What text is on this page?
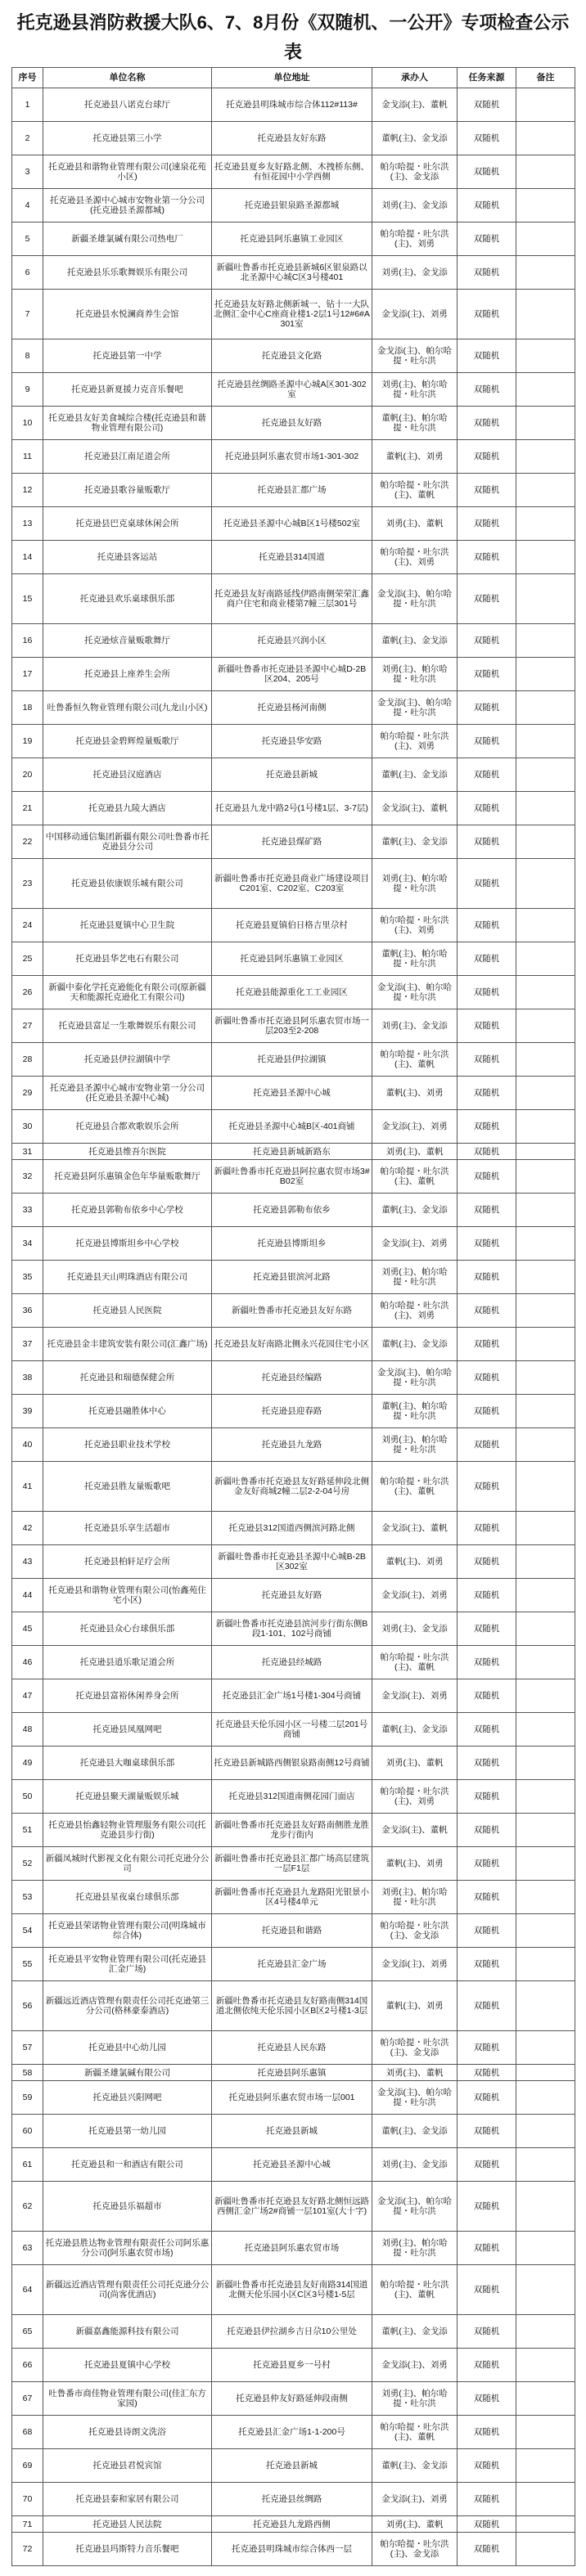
托克逊县消防救援大队6、7、8月份《双随机、一公开》专项检查公示表
序号	单位名称	单位地址	承办人	任务来源	备注
1	托克逊县八诺克台球厅	托克逊县明珠城市综合体112#113#	金戈添(主)、董帆	双随机	
2	托克逊县第三小学	托克逊县友好东路	董帆(主)、金戈添	双随机	
3	托克逊县和谐物业管理有限公司(速泉花苑小区)	托克逊县夏乡友好路北侧、木拽桥东侧、有恒花园中小学西侧	帕尔哈提・吐尔洪(主)、金戈添	双随机	
4	托克逊县圣源中心城市安物业第一分公司(托克逊县圣源都城)	托克逊县银泉路圣源都城	刘勇(主)、金戈添	双随机	
5	新疆圣雄氯碱有限公司热电厂	托克逊县阿乐惠镇工业园区	帕尔哈提・吐尔洪(主)、刘勇	双随机	
6	托克逊县乐乐歌舞娱乐有限公司	新疆吐鲁番市托克逊县新城6区银泉路以北圣源中心城C区3号楼401	刘勇(主)、金戈添	双随机	
7	托克逊县水悦澜商养生会馆	托克逊县友好路北侧新城一、钻十一大队北侧汇金中心C座商业楼1-2层1号12#6#A301室	金戈添(主)、刘勇	双随机	
8	托克逊县第一中学	托克逊县文化路	金戈添(主)、帕尔哈提・吐尔洪	双随机	
9	托克逊县新夏援力克音乐餐吧	托克逊县丝绸路圣源中心城A区301-302室	刘勇(主)、帕尔哈提・吐尔洪	双随机	
10	托克逊县友好美食城综合楼(托克逊县和谐物业管理有限公司)	托克逊县友好路	董帆(主)、帕尔哈提・吐尔洪	双随机	
11	托克逊县江南足道会所	托克逊县阿乐惠农贸市场1-301-302	董帆(主)、刘勇	双随机	
12	托克逊县歌谷量贩歌厅	托克逊县汇都广场	帕尔哈提・吐尔洪(主)、董帆	双随机	
13	托克逊县巴克桌球休闲会所	托克逊县圣源中心城B区1号楼502室	刘勇(主)、董帆	双随机	
14	托克逊县客运站	托克逊县314国道	帕尔哈提・吐尔洪(主)、刘勇	双随机	
15	托克逊县欢乐桌球俱乐部	托克逊县友好南路延线伊路南侧荣荣汇鑫商户住宅和商业楼第7幢三层301号	金戈添(主)、帕尔哈提・吐尔洪	双随机	
16	托克逊炫音量贩歌舞厅	托克逊县兴润小区	董帆(主)、金戈添	双随机	
17	托克逊县上座养生会所	新疆吐鲁番市托克逊县圣源中心城D-2B区204、205号	刘勇(主)、帕尔哈提・吐尔洪	双随机	
18	吐鲁番恒久物业管理有限公司(九龙山小区)	托克逊县杨河南侧	金戈添(主)、帕尔哈提・吐尔洪	双随机	
19	托克逊县金碧辉煌量贩歌厅	托克逊县华安路	帕尔哈提・吐尔洪(主)、刘勇	双随机	
20	托克逊县汉庭酒店	托克逊县新城	董帆(主)、金戈添	双随机	
21	托克逊县九陵大酒店	托克逊县九龙中路2号(1号楼1层、3-7层)	金戈添(主)、董帆	双随机	
22	中国移动通信集团新疆有限公司吐鲁番市托克逊县分公司	托克逊县煤矿路	董帆(主)、金戈添	双随机	
23	托克逊县依康娱乐城有限公司	新疆吐鲁番市托克逊县商业广场建设项目C201室、C202室、C203室	刘勇(主)、帕尔哈提・吐尔洪	双随机	
24	托克逊县夏镇中心卫生院	托克逊县夏镇伯日格吉里尕村	帕尔哈提・吐尔洪(主)、刘勇	双随机	
25	托克逊县华艺电石有限公司	托克逊县阿乐惠镇工业园区	董帆(主)、帕尔哈提・吐尔洪	双随机	
26	新疆中泰化学托克逊能化有限公司(原新疆天和能源托克逊化工有限公司)	托克逊县能源重化工工业园区	金戈添(主)、帕尔哈提・吐尔洪	双随机	
27	托克逊县富足一生歌舞娱乐有限公司	新疆吐鲁番市托克逊县阿乐惠农贸市场一层203至2-208	刘勇(主)、金戈添	双随机	
28	托克逊县伊拉湖镇中学	托克逊县伊拉湖镇	帕尔哈提・吐尔洪(主)、董帆	双随机	
29	托克逊县圣源中心城市安物业第一分公司(托克逊县圣源中心城)	托克逊县圣源中心城	董帆(主)、刘勇	双随机	
30	托克逊县合都欢歌娱乐会所	托克逊县圣源中心城B区-401商铺	金戈添(主)、刘勇	双随机	
31	托克逊县维吾尔医院	托克逊县新城新路东	刘勇(主)、董帆	双随机	
32	托克逊县阿乐惠镇金色年华量贩歌舞厅	新疆吐鲁番市托克逊县阿拉惠农贸市场3#B02室	帕尔哈提・吐尔洪(主)、董帆	双随机	
33	托克逊县郭勒布依乡中心学校	托克逊县郭勒布依乡	董帆(主)、金戈添	双随机	
34	托克逊县博斯坦乡中心学校	托克逊县博斯坦乡	金戈添(主)、刘勇	双随机	
35	托克逊县天山明珠酒店有限公司	托克逊县银滨河北路	刘勇(主)、帕尔哈提・吐尔洪	双随机	
36	托克逊县人民医院	新疆吐鲁番市托克逊县友好东路	帕尔哈提・吐尔洪(主)、刘勇	双随机	
37	托克逊县金丰建筑安装有限公司(汇鑫广场)	托克逊县友好南路北侧永兴花园住宅小区	董帆(主)、金戈添	双随机	
38	托克逊县和瑞德保健会所	托克逊县经编路	金戈添(主)、帕尔哈提・吐尔洪	双随机	
39	托克逊县融胜体中心	托克逊县迎春路	董帆(主)、帕尔哈提・吐尔洪	双随机	
40	托克逊县职业技术学校	托克逊县九龙路	刘勇(主)、帕尔哈提・吐尔洪	双随机	
41	托克逊县胜友量贩歌吧	新疆吐鲁番市托克逊县友好路延伸段北侧金友好商城2幢二层2-2-04号房	帕尔哈提・吐尔洪(主)、董帆	双随机	
42	托克逊县乐享生活超市	托克逊县312国道西侧滨河路北侧	金戈添(主)、董帆	双随机	
43	托克逊县柏轩足疗会所	新疆吐鲁番市托克逊县圣源中心城B-2B区302室	董帆(主)、刘勇	双随机	
44	托克逊县和谐物业管理有限公司(怡鑫苑住宅小区)	托克逊县友好路	金戈添(主)、刘勇	双随机	
45	托克逊县众心台球俱乐部	新疆吐鲁番市托克逊县滨河步行街东侧B段1-101、102号商铺	刘勇(主)、金戈添	双随机	
46	托克逊县逍乐歌足道会所	托克逊县经城路	帕尔哈提・吐尔洪(主)、董帆	双随机	
47	托克逊县富裕休闲养身会所	托克逊县汇金广场1号楼1-304号商铺	金戈添(主)、刘勇	双随机	
48	托克逊县凤凰网吧	托克逊县天伦乐园小区一号楼二层201号商铺	董帆(主)、金戈添	双随机	
49	托克逊县大咖桌球俱乐部	托克逊县新城路西侧银泉路南侧12号商铺	刘勇(主)、董帆	双随机	
50	托克逊县聚天湖量贩娱乐城	托克逊县312国道南侧花园门面店	帕尔哈提・吐尔洪(主)、刘勇	双随机	
51	托克逊县怡鑫轻物业管理服务有限公司(托克逊县步行街)	新疆吐鲁番市托克逊县友好路南侧胜龙胜龙步行街内	金戈添(主)、董帆	双随机	
52	新疆凤城时代影视文化有限公司托克逊分公司	新疆吐鲁番市托克逊县汇都广场高层建筑一层F1层	董帆(主)、刘勇	双随机	
53	托克逊县星夜桌台球俱乐部	新疆吐鲁番市托克逊县九龙路阳光银景小区4号楼4单元	刘勇(主)、帕尔哈提・吐尔洪	双随机	
54	托克逊县荣诺物业管理有限公司(明珠城市综合体)	托克逊县和谐路	帕尔哈提・吐尔洪(主)、金戈添	双随机	
55	托克逊县平安物业管理有限公司(托克逊县汇金广场)	托克逊县汇金广场	金戈添(主)、刘勇	双随机	
56	新疆远近酒店管理有限责任公司托克逊第三分公司(格林豪泰酒店)	新疆吐鲁番市托克逊县友好路南侧314国道北侧依纯天伦乐园小区B区2号楼1-3层	董帆(主)、刘勇	双随机	
57	托克逊县中心幼儿园	托克逊县人民东路	帕尔哈提・吐尔洪(主)、金戈添	双随机	
58	新疆圣雄氯碱有限公司	托克逊县阿乐惠镇	刘勇(主)、董帆	双随机	
59	托克逊县兴阳网吧	托克逊县阿乐惠农贸市场一层001	金戈添(主)、帕尔哈提・吐尔洪	双随机	
60	托克逊县第一幼儿园	托克逊县新城	董帆(主)、金戈添	双随机	
61	托克逊县和一和酒店有限公司	托克逊县圣源中心城	刘勇(主)、金戈添	双随机	
62	托克逊县乐福超市	新疆吐鲁番市托克逊县友好路北侧恒远路西侧汇金广场2#商铺一层101室(大十字)	金戈添(主)、帕尔哈提・吐尔洪	双随机	
63	托克逊县胜达物业管理有限责任公司阿乐惠分公司(阿乐惠农贸市场)	托克逊县阿乐惠农贸市场	刘勇(主)、帕尔哈提・吐尔洪	双随机	
64	新疆远近酒店管理有限责任公司托克逊分公司(尚客优酒店)	新疆吐鲁番市托克逊县友好南路314国道北侧天伦乐园小区C区3号楼1-5层	帕尔哈提・吐尔洪(主)、董帆	双随机	
65	新疆嘉鑫能源科技有限公司	托克逊县伊拉湖乡吉日尕10公里处	董帆(主)、金戈添	双随机	
66	托克逊县夏镇中心学校	托克逊县夏乡一号村	金戈添(主)、刘勇	双随机	
67	吐鲁番市商佳物业管理有限公司(佳汇东方家园)	托克逊县仲友好路延伸段南侧	刘勇(主)、帕尔哈提・吐尔洪	双随机	
68	托克逊县诗朗文洗浴	托克逊县汇金广场1-1-200号	帕尔哈提・吐尔洪(主)、董帆	双随机	
69	托克逊县君悦宾馆	托克逊县新城	董帆(主)、金戈添	双随机	
70	托克逊县泰和家居有限公司	托克逊县丝绸路	金戈添(主)、刘勇	双随机	
71	托克逊县人民法院	托克逊县九龙路西侧	刘勇(主)、董帆	双随机	
72	托克逊县玛斯特力音乐餐吧	托克逊县明珠城市综合体西一层	帕尔哈提・吐尔洪(主)、金戈添	双随机	
